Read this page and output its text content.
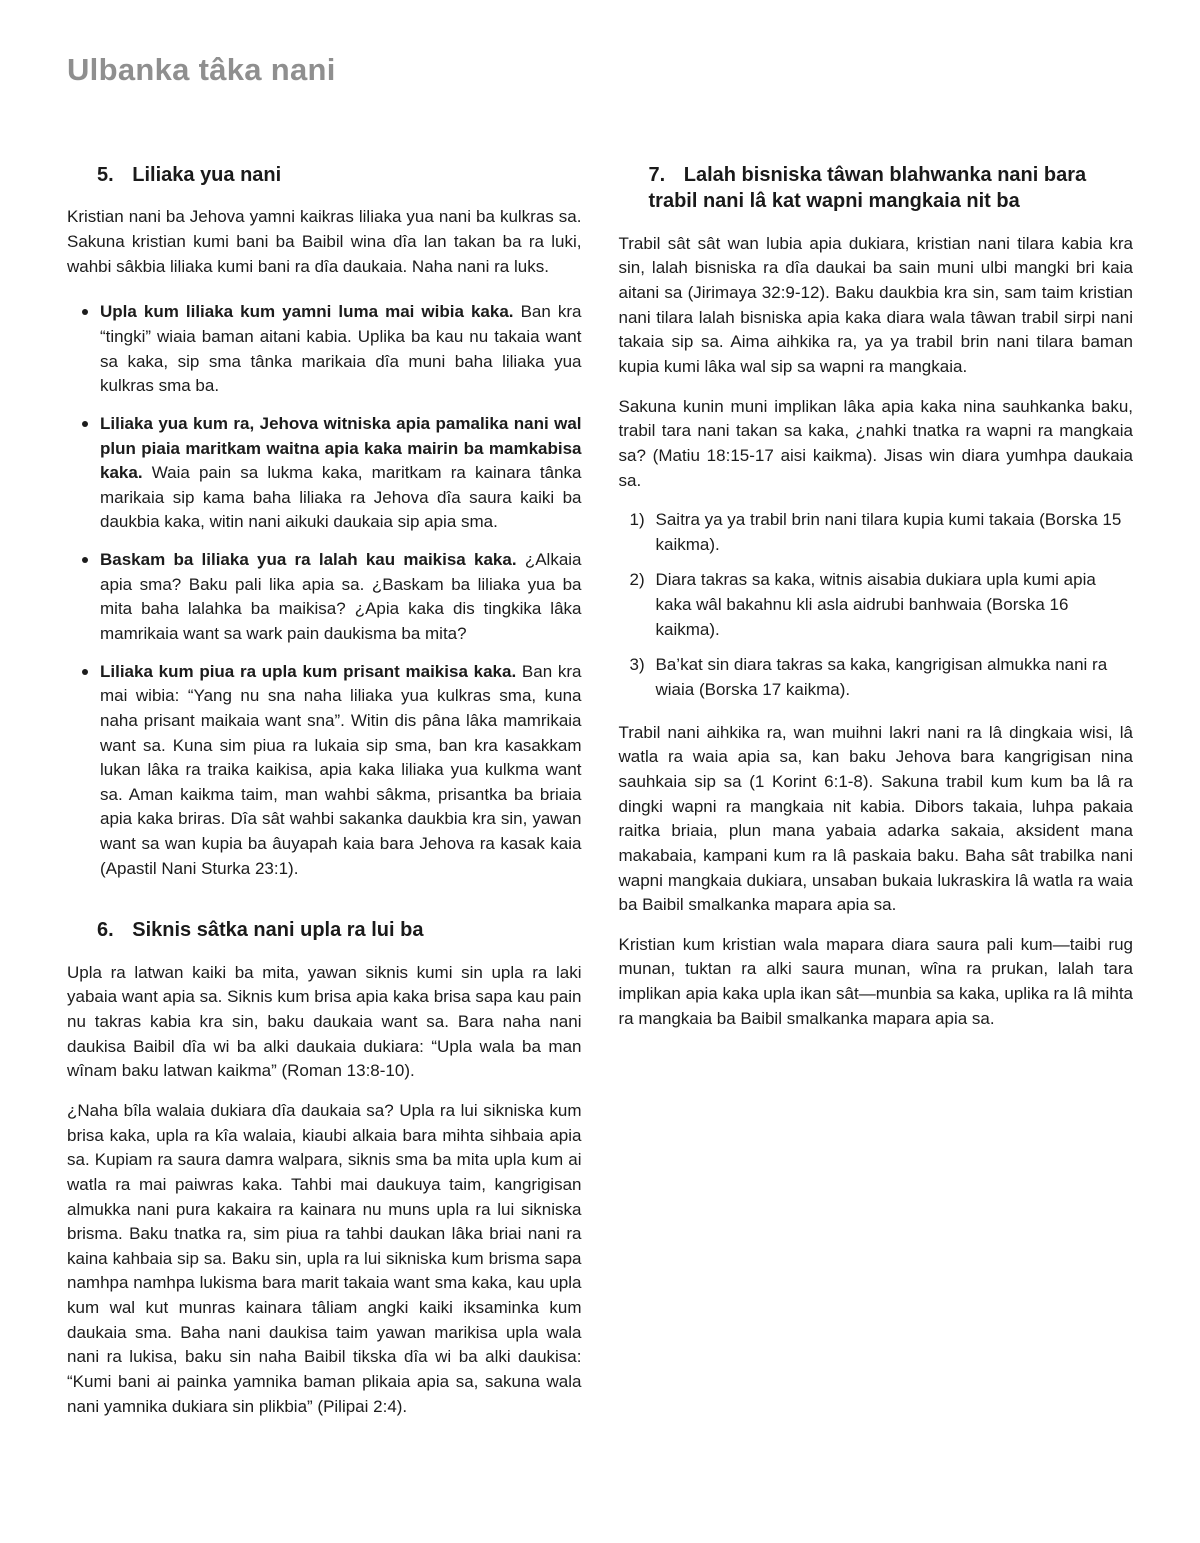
Ulbanka tâka nani
5. Liliaka yua nani

Kristian nani ba Jehova yamni kaikras liliaka yua nani ba kulkras sa. Sakuna kristian kumi bani ba Baibil wina dîa lan takan ba ra luki, wahbi sâkbia liliaka kumi bani ra dîa daukaia. Naha nani ra luks.

Upla kum liliaka kum yamni luma mai wibia kaka. Ban kra “tingki” wiaia baman aitani kabia. Uplika ba kau nu takaia want sa kaka, sip sma tânka marikaia dîa muni baha liliaka yua kulkras sma ba.
Liliaka yua kum ra, Jehova witniska apia pamalika nani wal plun piaia maritkam waitna apia kaka mairin ba mamkabisa kaka. Waia pain sa lukma kaka, maritkam ra kainara tânka marikaia sip kama baha liliaka ra Jehova dîa saura kaiki ba daukbia kaka, witin nani aikuki daukaia sip apia sma.
Baskam ba liliaka yua ra lalah kau maikisa kaka. ¿Alkaia apia sma? Baku pali lika apia sa. ¿Baskam ba liliaka yua ba mita baha lalahka ba maikisa? ¿Apia kaka dis tingkika lâka mamrikaia want sa wark pain daukisma ba mita?
Liliaka kum piua ra upla kum prisant maikisa kaka. Ban kra mai wibia: “Yang nu sna naha liliaka yua kulkras sma, kuna naha prisant maikaia want sna”. Witin dis pâna lâka mamrikaia want sa. Kuna sim piua ra lukaia sip sma, ban kra kasakkam lukan lâka ra traika kaikisa, apia kaka liliaka yua kulkma want sa. Aman kaikma taim, man wahbi sâkma, prisantka ba briaia apia kaka briras. Dîa sât wahbi sakanka daukbia kra sin, yawan want sa wan kupia ba âuyapah kaia bara Jehova ra kasak kaia (Apastil Nani Sturka 23:1).
6. Siknis sâtka nani upla ra lui ba

Upla ra latwan kaiki ba mita, yawan siknis kumi sin upla ra laki yabaia want apia sa. Siknis kum brisa apia kaka brisa sapa kau pain nu takras kabia kra sin, baku daukaia want sa. Bara naha nani daukisa Baibil dîa wi ba alki daukaia dukiara: “Upla wala ba man wînam baku latwan kaikma” (Roman 13:8-10).

¿Naha bîla walaia dukiara dîa daukaia sa? Upla ra lui sikniska kum brisa kaka, upla ra kîa walaia, kiaubi alkaia bara mihta sihbaia apia sa. Kupiam ra saura damra walpara, siknis sma ba mita upla kum ai watla ra mai paiwras kaka. Tahbi mai daukuya taim, kangrigisan almukka nani pura kakaira ra kainara nu muns upla ra lui sikniska brisma. Baku tnatka ra, sim piua ra tahbi daukan lâka briai nani ra kaina kahbaia sip sa. Baku sin, upla ra lui sikniska kum brisma sapa namhpa namhpa lukisma bara marit takaia want sma kaka, kau upla kum wal kut munras kainara tâliam angki kaiki iksaminka kum daukaia sma. Baha nani daukisa taim yawan marikisa upla wala nani ra lukisa, baku sin naha Baibil tikska dîa wi ba alki daukisa: “Kumi bani ai painka yamnika baman plikaia apia sa, sakuna wala nani yamnika dukiara sin plikbia” (Pilipai 2:4).

7. Lalah bisniska tâwan blahwanka nani bara trabil nani lâ kat wapni mangkaia nit ba

Trabil sât sât wan lubia apia dukiara, kristian nani tilara kabia kra sin, lalah bisniska ra dîa daukai ba sain muni ulbi mangki bri kaia aitani sa (Jirimaya 32:9-12). Baku daukbia kra sin, sam taim kristian nani tilara lalah bisniska apia kaka diara wala tâwan trabil sirpi nani takaia sip sa. Aima aihkika ra, ya ya trabil brin nani tilara baman kupia kumi lâka wal sip sa wapni ra mangkaia.

Sakuna kunin muni implikan lâka apia kaka nina sauhkanka baku, trabil tara nani takan sa kaka, ¿nahki tnatka ra wapni ra mangkaia sa? (Matiu 18:15-17 aisi kaikma). Jisas win diara yumhpa daukaia sa.

1) Saitra ya ya trabil brin nani tilara kupia kumi takaia (Borska 15 kaikma).
2) Diara takras sa kaka, witnis aisabia dukiara upla kumi apia kaka wâl bakahnu kli asla aidrubi banhwaia (Borska 16 kaikma).
3) Ba’kat sin diara takras sa kaka, kangrigisan almukka nani ra wiaia (Borska 17 kaikma).

Trabil nani aihkika ra, wan muihni lakri nani ra lâ dingkaia wisi, lâ watla ra waia apia sa, kan baku Jehova bara kangrigisan nina sauhkaia sip sa (1 Korint 6:1-8). Sakuna trabil kum kum ba lâ ra dingki wapni ra mangkaia nit kabia. Dibors takaia, luhpa pakaia raitka briaia, plun mana yabaia adarka sakaia, aksident mana makabaia, kampani kum ra lâ paskaia baku. Baha sât trabilka nani wapni mangkaia dukiara, unsaban bukaia lukraskira lâ watla ra waia ba Baibil smalkanka mapara apia sa.

Kristian kum kristian wala mapara diara saura pali kum—taibi rug munan, tuktan ra alki saura munan, wîna ra prukan, lalah tara implikan apia kaka upla ikan sât—munbia sa kaka, uplika ra lâ mihta ra mangkaia ba Baibil smalkanka mapara apia sa.
